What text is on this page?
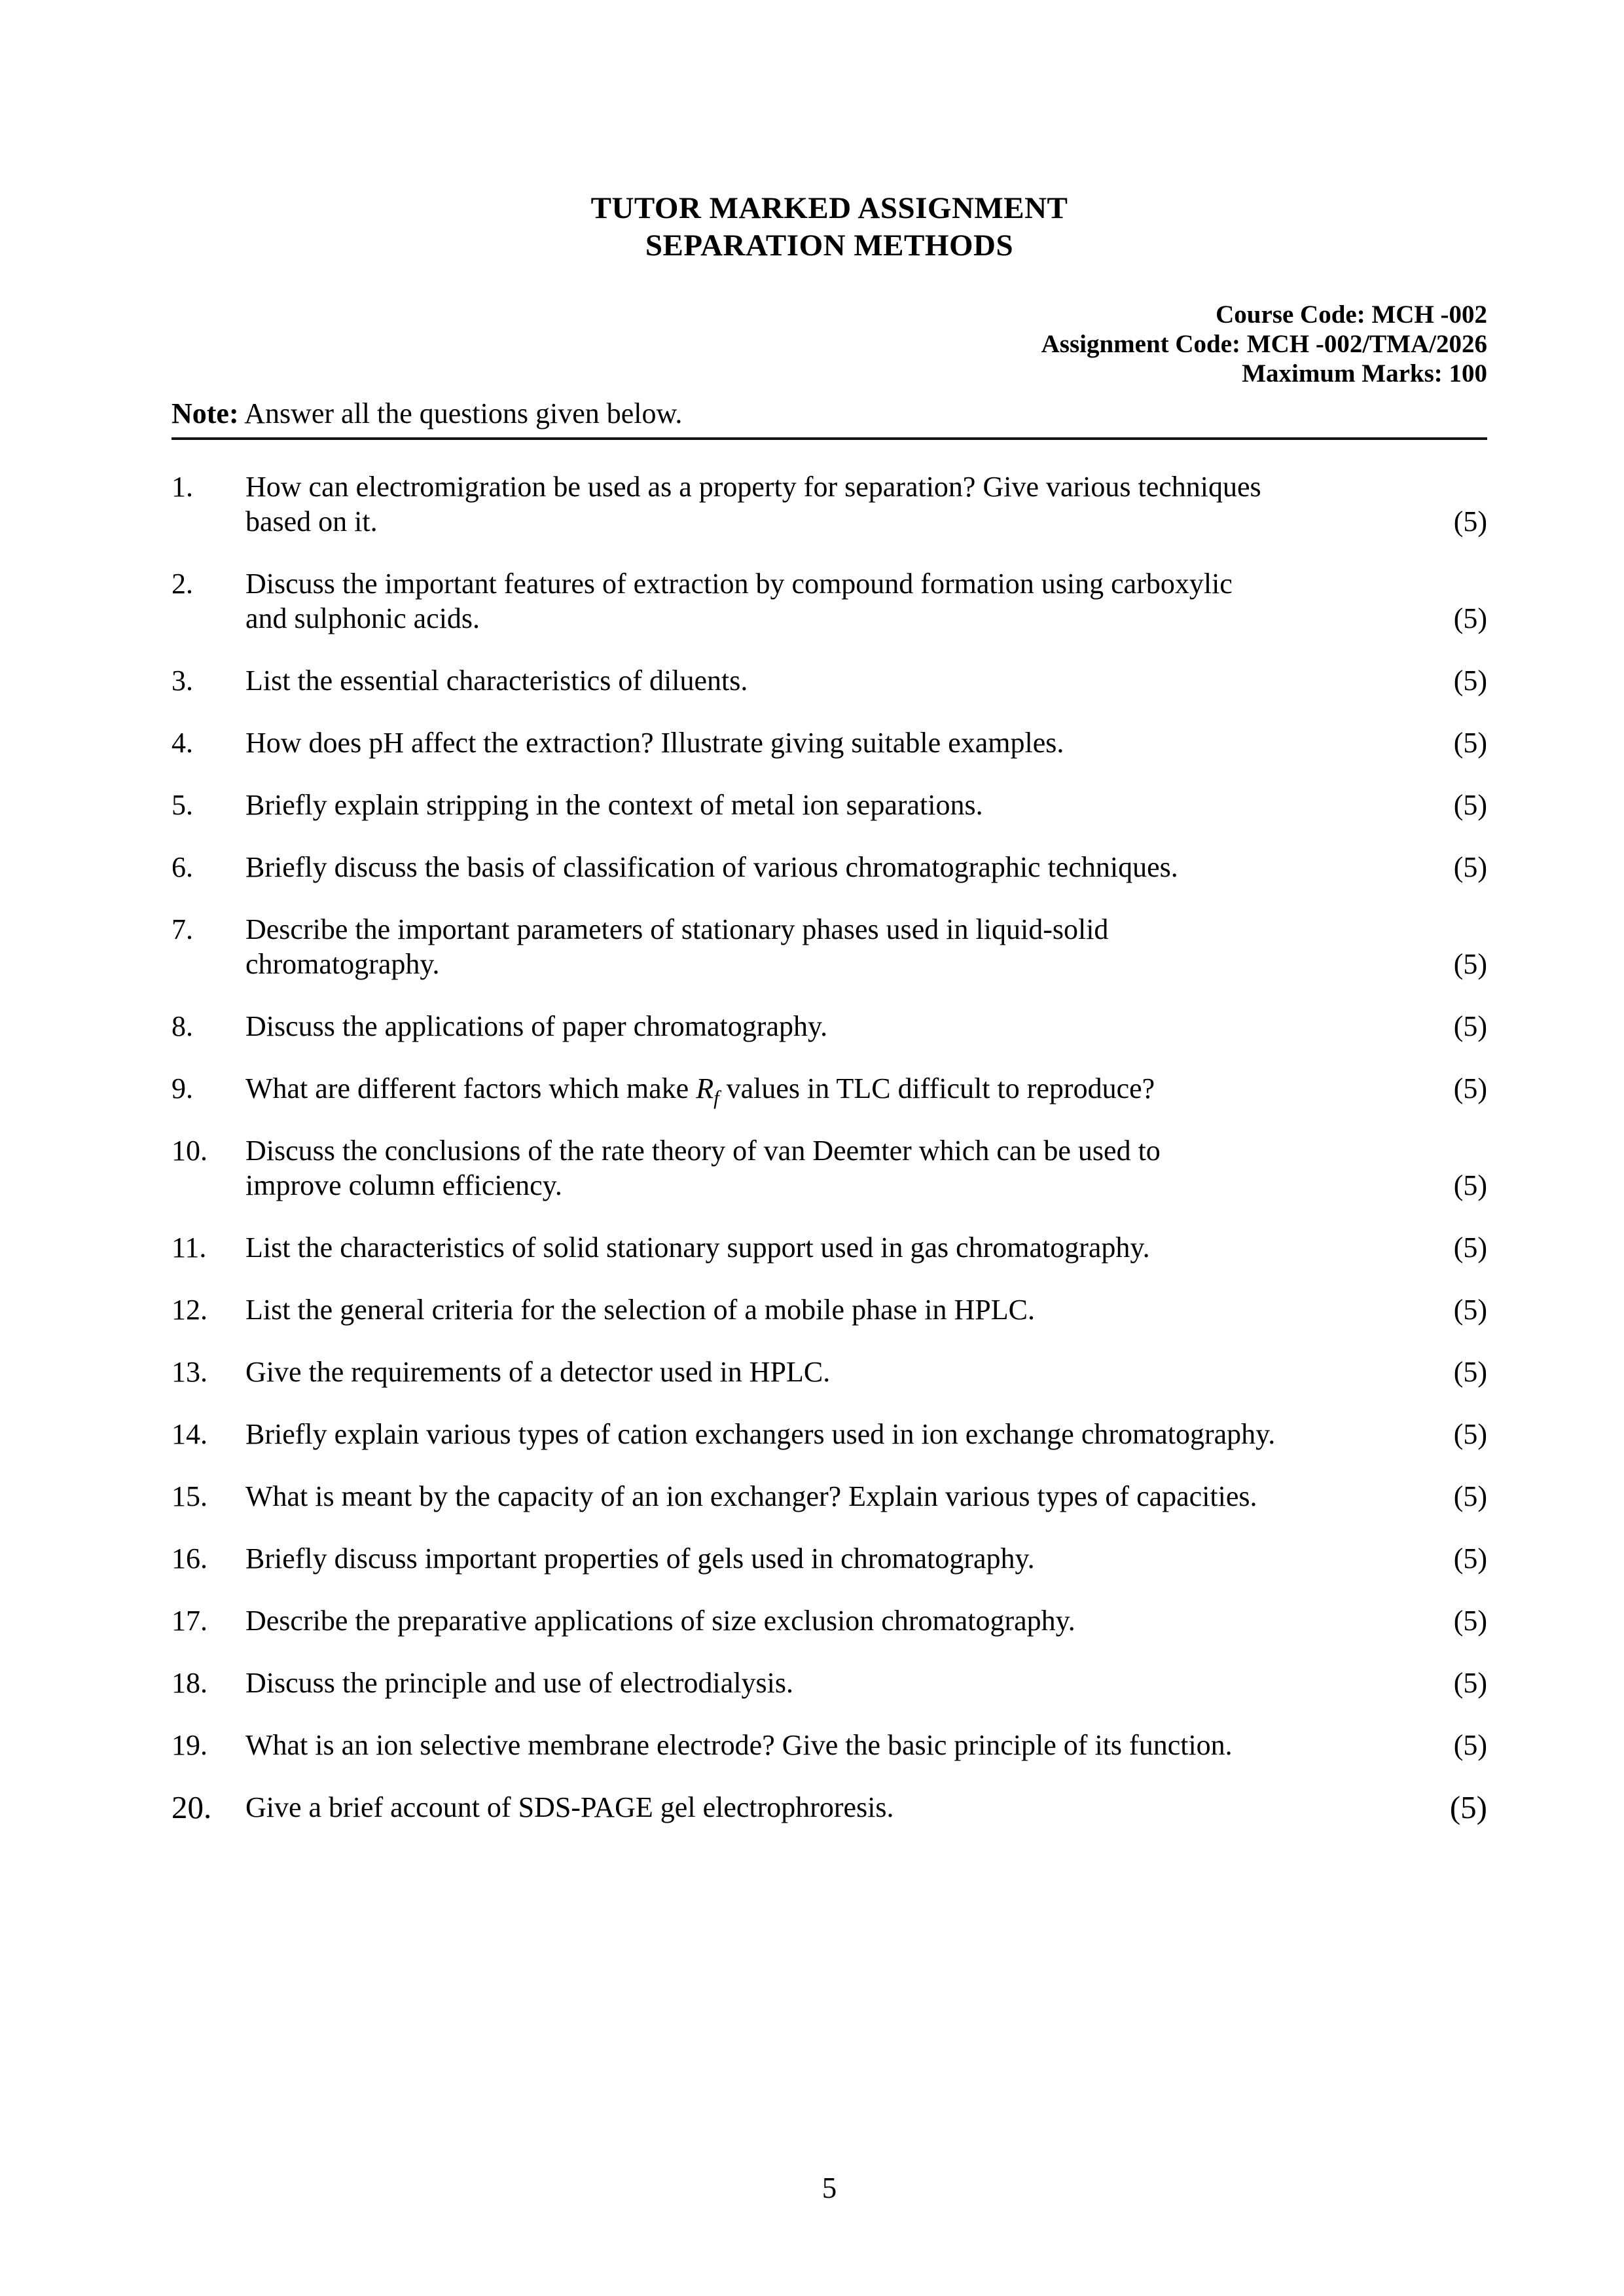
TUTOR MARKED ASSIGNMENT
SEPARATION METHODS
Course Code: MCH -002
Assignment Code: MCH -002/TMA/2026
Maximum Marks: 100
Note: Answer all the questions given below.
1.	How can electromigration be used as a property for separation? Give various techniques
based on it.	(5)
2.	Discuss the important features of extraction by compound formation using carboxylic
and sulphonic acids.	(5)
3.	List the essential characteristics of diluents.	(5)
4.	How does pH affect the extraction? Illustrate giving suitable examples.	(5)
5.	Briefly explain stripping in the context of metal ion separations.	(5)
6.	Briefly discuss the basis of classification of various chromatographic techniques.	(5)
7.	Describe the important parameters of stationary phases used in liquid-solid
chromatography.	(5)
8.	Discuss the applications of paper chromatography.	(5)
9.	What are different factors which make $R_f$ values in TLC difficult to reproduce?	(5)
10.	Discuss the conclusions of the rate theory of van Deemter which can be used to
improve column efficiency.	(5)
11.	List the characteristics of solid stationary support used in gas chromatography.	(5)
12.	List the general criteria for the selection of a mobile phase in HPLC.	(5)
13.	Give the requirements of a detector used in HPLC.	(5)
14.	Briefly explain various types of cation exchangers used in ion exchange chromatography.	(5)
15.	What is meant by the capacity of an ion exchanger? Explain various types of capacities.	(5)
16.	Briefly discuss important properties of gels used in chromatography.	(5)
17.	Describe the preparative applications of size exclusion chromatography.	(5)
18.	Discuss the principle and use of electrodialysis.	(5)
19.	What is an ion selective membrane electrode? Give the basic principle of its function.	(5)
20.	Give a brief account of SDS-PAGE gel electrophroresis.	(5)
5
